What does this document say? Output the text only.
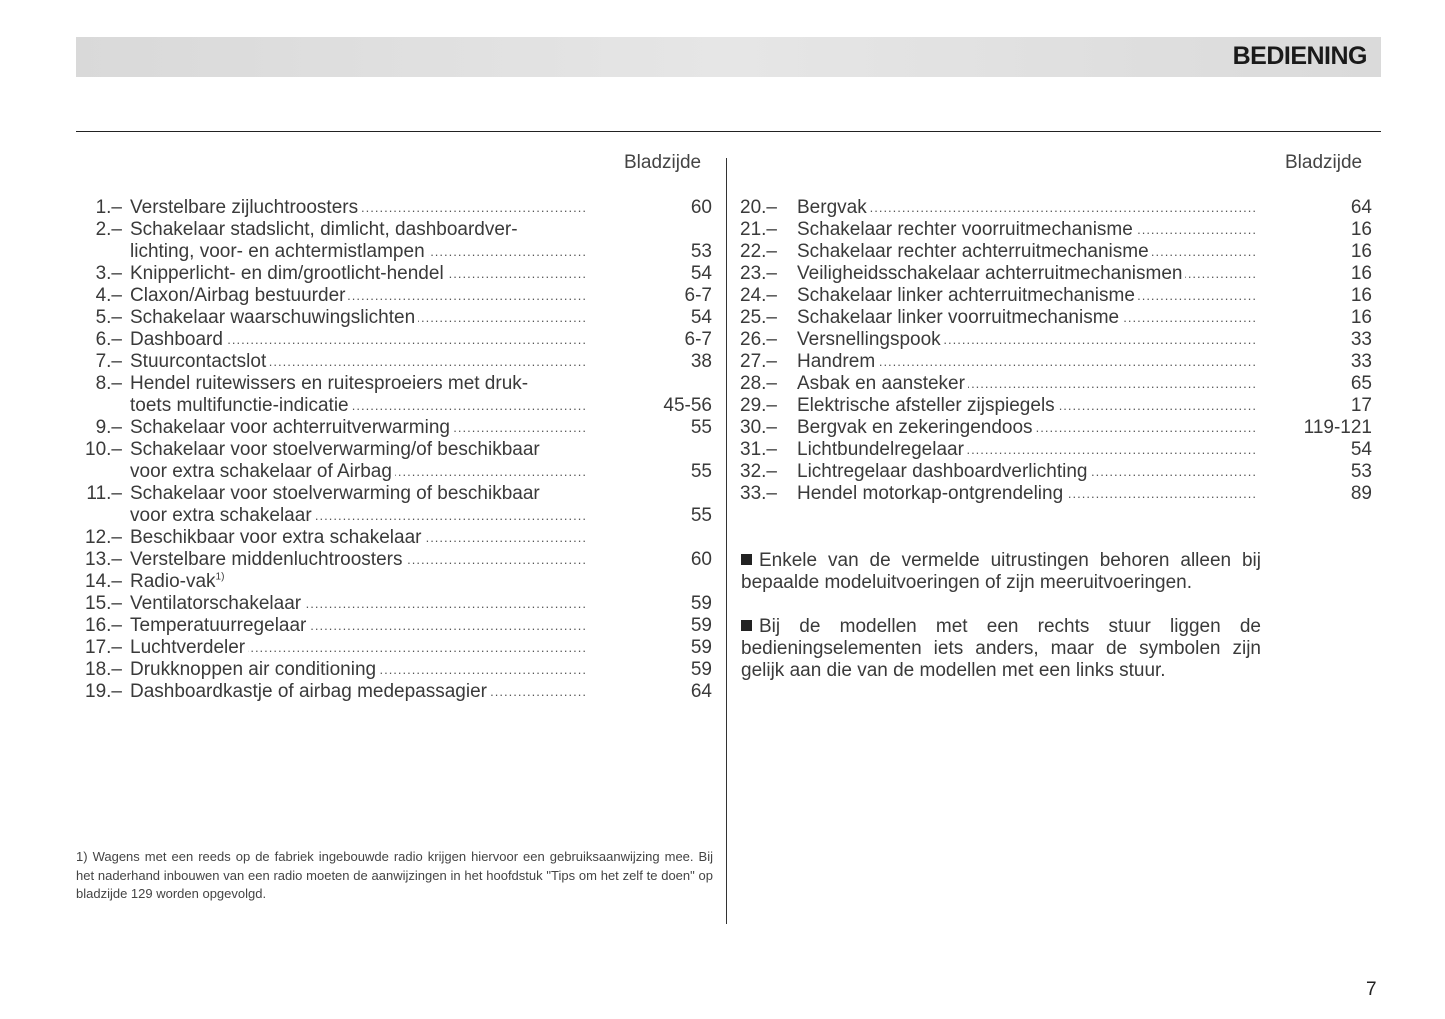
BEDIENING
Bladzijde	Bladzijde
1.– Verstelbare zijluchtroosters .....	60
2.– Schakelaar stadslicht, dimlicht, dashboardver-
lichting, voor- en achtermistlampen .....	53
3.– Knipperlicht- en dim/grootlicht-hendel .....	54
4.– Claxon/Airbag bestuurder .....	6-7
5.– Schakelaar waarschuwingslichten .....	54
6.– Dashboard .....	6-7
7.– Stuurcontactslot .....	38
8.– Hendel ruitewissers en ruitesproeiers met druk-
toets multifunctie-indicatie .....	45-56
9.– Schakelaar voor achterruitverwarming .....	55
10.– Schakelaar voor stoelverwarming/of beschikbaar
voor extra schakelaar of Airbag .....	55
11.– Schakelaar voor stoelverwarming of beschikbaar
voor extra schakelaar .....	55
12.– Beschikbaar voor extra schakelaar
.....
13.– Verstelbare middenluchtroosters .....	60
14.– Radio-vak$^{1)}$
15.– Ventilatorschakelaar .....	59
16.– Temperatuurregelaar .....	59
17.– Luchtverdeler .....	59
18.– Drukknoppen air conditioning .....	59
19.– Dashboardkastje of airbag medepassagier .....	64
20.–	Bergvak .....	64
21.–	Schakelaar rechter voorruitmechanisme .....	16
22.–	Schakelaar rechter achterruitmechanisme .....	16
23.–	Veiligheidsschakelaar achterruitmechanismen .....	16
24.–	Schakelaar linker achterruitmechanisme .....	16
25.–	Schakelaar linker voorruitmechanisme .....	16
26.–	Versnellingspook .....	33
27.–	Handrem .....	33
28.–	Asbak en aansteker .....	65
29.–	Elektrische afsteller zijspiegels .....	17
30.–	Bergvak en zekeringendoos .....	119-121
31.–	Lichtbundelregelaar .....	54
32.–	Lichtregelaar dashboardverlichting .....	53
33.–	Hendel motorkap-ontgrendeling .....	89
Enkele van de vermelde uitrustingen behoren alleen bij bepaalde modeluitvoeringen of zijn meeruitvoeringen.
Bij de modellen met een rechts stuur liggen de bedieningselementen iets anders, maar de symbolen zijn gelijk aan die van de modellen met een links stuur.
1) Wagens met een reeds op de fabriek ingebouwde radio krijgen hiervoor een gebruiksaanwijzing mee. Bij het naderhand inbouwen van een radio moeten de aanwijzingen in het hoofdstuk "Tips om het zelf te doen" op bladzijde 129 worden opgevolgd.
7
